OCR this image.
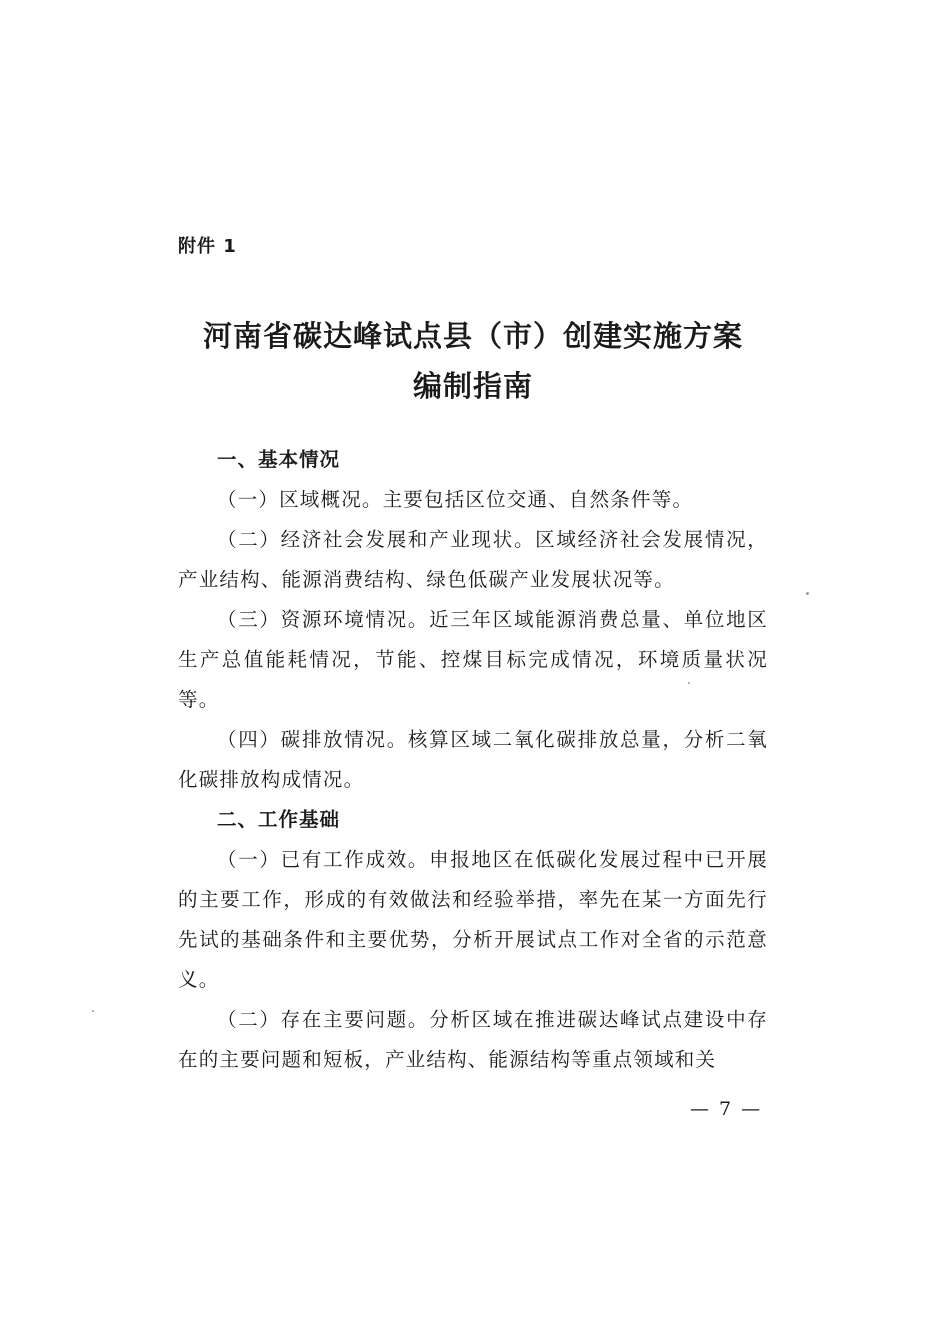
附件 1
河南省碳达峰试点县（市）创建实施方案
编制指南
一、基本情况

（一）区域概况。主要包括区位交通、自然条件等。

（二）经济社会发展和产业现状。区域经济社会发展情况，产业结构、能源消费结构、绿色低碳产业发展状况等。

（三）资源环境情况。近三年区域能源消费总量、单位地区生产总值能耗情况，节能、控煤目标完成情况，环境质量状况等。

（四）碳排放情况。核算区域二氧化碳排放总量，分析二氧化碳排放构成情况。

二、工作基础

（一）已有工作成效。申报地区在低碳化发展过程中已开展的主要工作，形成的有效做法和经验举措，率先在某一方面先行先试的基础条件和主要优势，分析开展试点工作对全省的示范意义。

（二）存在主要问题。分析区域在推进碳达峰试点建设中存在的主要问题和短板，产业结构、能源结构等重点领域和关

— 7 —
